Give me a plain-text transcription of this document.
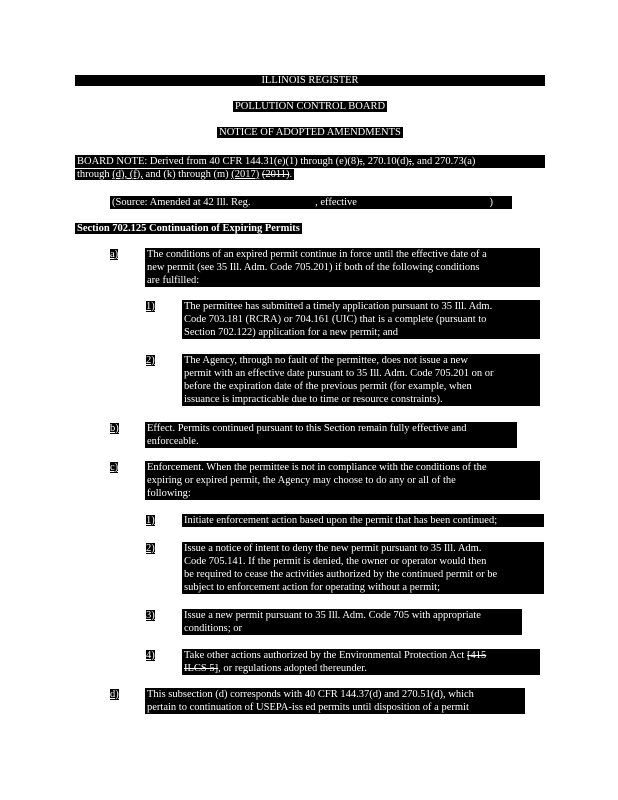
ILLINOIS REGISTER
POLLUTION CONTROL BOARD
NOTICE OF ADOPTED AMENDMENTS
BOARD NOTE: Derived from 40 CFR 144.31(e)(1) through (e)(8);, 270.10(d);, and 270.73(a)
through (d), (f), and (k) through (m) (2017) (2011).
(Source: Amended at 42 Ill. Reg.	, effective	)
Section 702.125 Continuation of Expiring Permits
a)	The conditions of an expired permit continue in force until the effective date of a
new permit (see 35 Ill. Adm. Code 705.201) if both of the following conditions
are fulfilled:
1)	The permittee has submitted a timely application pursuant to 35 Ill. Adm.
Code 703.181 (RCRA) or 704.161 (UIC) that is a complete (pursuant to
Section 702.122) application for a new permit; and
2)	The Agency, through no fault of the permittee, does not issue a new
permit with an effective date pursuant to 35 Ill. Adm. Code 705.201 on or
before the expiration date of the previous permit (for example, when
issuance is impracticable due to time or resource constraints).
b)	Effect. Permits continued pursuant to this Section remain fully effective and
enforceable.
c)	Enforcement. When the permittee is not in compliance with the conditions of the
expiring or expired permit, the Agency may choose to do any or all of the
following:
1)	Initiate enforcement action based upon the permit that has been continued;
2)	Issue a notice of intent to deny the new permit pursuant to 35 Ill. Adm.
Code 705.141. If the permit is denied, the owner or operator would then
be required to cease the activities authorized by the continued permit or be
subject to enforcement action for operating without a permit;
3)	Issue a new permit pursuant to 35 Ill. Adm. Code 705 with appropriate
conditions; or
4)	Take other actions authorized by the Environmental Protection Act [415
ILCS 5], or regulations adopted thereunder.
d)	This subsection (d) corresponds with 40 CFR 144.37(d) and 270.51(d), which
pertain to continuation of USEPA-iss ed permits until disposition of a permit
